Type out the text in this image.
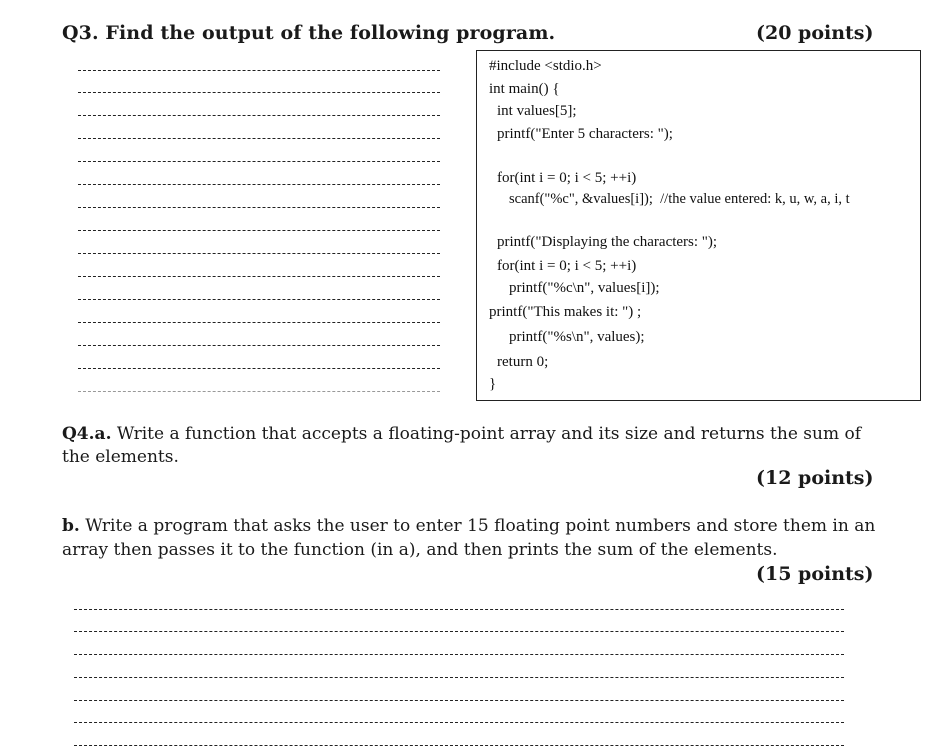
Q3. Find the output of the following program.	(20 points)
#include <stdio.h>
int main() {
int values[5];
printf("Enter 5 characters: ");
for(int i = 0; i < 5; ++i)
scanf("%c", &values[i]);  //the value entered: k, u, w, a, i, t
printf("Displaying the characters: ");
for(int i = 0; i < 5; ++i)
printf("%c\n", values[i]);
printf("This makes it: ") ;
printf("%s\n", values);
return 0;
}
Q4.a. Write a function that accepts a floating-point array and its size and returns the sum of the elements.
(12 points)
b. Write a program that asks the user to enter 15 floating point numbers and store them in an array then passes it to the function (in a), and then prints the sum of the elements.
(15 points)
